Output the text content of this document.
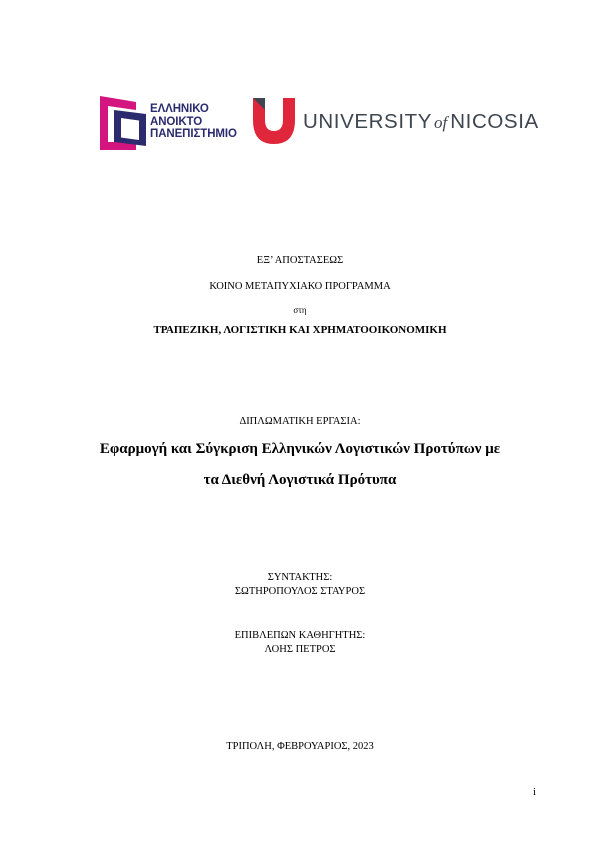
ΕΛΛΗΝΙΚΟ
ΑΝΟΙΚΤΟ
ΠΑΝΕΠΙΣΤΗΜΙΟ
UNIVERSITY of NICOSIA
ΕΞ’ ΑΠΟΣΤΑΣΕΩΣ
ΚΟΙΝΟ ΜΕΤΑΠΥΧΙΑΚΟ ΠΡΟΓΡΑΜΜΑ
στη
ΤΡΑΠΕΖΙΚΗ, ΛΟΓΙΣΤΙΚΗ ΚΑΙ ΧΡΗΜΑΤΟΟΙΚΟΝΟΜΙΚΗ
ΔΙΠΛΩΜΑΤΙΚΗ ΕΡΓΑΣΙΑ:
Εφαρμογή και Σύγκριση Ελληνικών Λογιστικών Προτύπων με
τα Διεθνή Λογιστικά Πρότυπα
ΣΥΝΤΑΚΤΗΣ:
ΣΩΤΗΡΟΠΟΥΛΟΣ ΣΤΑΥΡΟΣ
ΕΠΙΒΛΕΠΩΝ ΚΑΘΗΓΗΤΗΣ:
ΛΟΗΣ ΠΕΤΡΟΣ
ΤΡΙΠΟΛΗ, ΦΕΒΡΟΥΑΡΙΟΣ, 2023
i
